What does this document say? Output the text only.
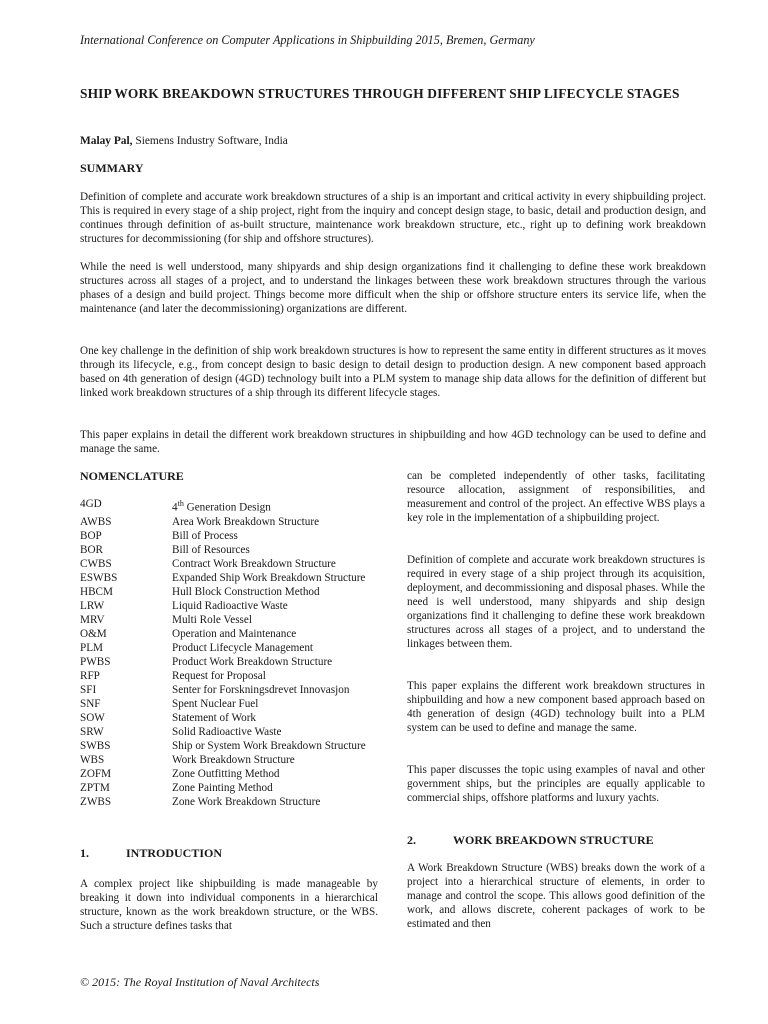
International Conference on Computer Applications in Shipbuilding 2015, Bremen, Germany
SHIP WORK BREAKDOWN STRUCTURES THROUGH DIFFERENT SHIP LIFECYCLE STAGES
Malay Pal, Siemens Industry Software, India
SUMMARY

Definition of complete and accurate work breakdown structures of a ship is an important and critical activity in every shipbuilding project. This is required in every stage of a ship project, right from the inquiry and concept design stage, to basic, detail and production design, and continues through definition of as-built structure, maintenance work breakdown structure, etc., right up to defining work breakdown structures for decommissioning (for ship and offshore structures).

While the need is well understood, many shipyards and ship design organizations find it challenging to define these work breakdown structures across all stages of a project, and to understand the linkages between these work breakdown structures through the various phases of a design and build project. Things become more difficult when the ship or offshore structure enters its service life, when the maintenance (and later the decommissioning) organizations are different.

One key challenge in the definition of ship work breakdown structures is how to represent the same entity in different structures as it moves through its lifecycle, e.g., from concept design to basic design to detail design to production design. A new component based approach based on 4th generation of design (4GD) technology built into a PLM system to manage ship data allows for the definition of different but linked work breakdown structures of a ship through its different lifecycle stages.

This paper explains in detail the different work breakdown structures in shipbuilding and how 4GD technology can be used to define and manage the same.

NOMENCLATURE
4GD	4th Generation Design
AWBS	Area Work Breakdown Structure
BOP	Bill of Process
BOR	Bill of Resources
CWBS	Contract Work Breakdown Structure
ESWBS	Expanded Ship Work Breakdown Structure
HBCM	Hull Block Construction Method
LRW	Liquid Radioactive Waste
MRV	Multi Role Vessel
O&M	Operation and Maintenance
PLM	Product Lifecycle Management
PWBS	Product Work Breakdown Structure
RFP	Request for Proposal
SFI	Senter for Forskningsdrevet Innovasjon
SNF	Spent Nuclear Fuel
SOW	Statement of Work
SRW	Solid Radioactive Waste
SWBS	Ship or System Work Breakdown Structure
WBS	Work Breakdown Structure
ZOFM	Zone Outfitting Method
ZPTM	Zone Painting Method
ZWBS	Zone Work Breakdown Structure
1.	INTRODUCTION

A complex project like shipbuilding is made manageable by breaking it down into individual components in a hierarchical structure, known as the work breakdown structure, or the WBS. Such a structure defines tasks that

can be completed independently of other tasks, facilitating resource allocation, assignment of responsibilities, and measurement and control of the project. An effective WBS plays a key role in the implementation of a shipbuilding project.

Definition of complete and accurate work breakdown structures is required in every stage of a ship project through its acquisition, deployment, and decommissioning and disposal phases. While the need is well understood, many shipyards and ship design organizations find it challenging to define these work breakdown structures across all stages of a project, and to understand the linkages between them.

This paper explains the different work breakdown structures in shipbuilding and how a new component based approach based on 4th generation of design (4GD) technology built into a PLM system can be used to define and manage the same.

This paper discusses the topic using examples of naval and other government ships, but the principles are equally applicable to commercial ships, offshore platforms and luxury yachts.

2.	WORK BREAKDOWN STRUCTURE

A Work Breakdown Structure (WBS) breaks down the work of a project into a hierarchical structure of elements, in order to manage and control the scope. This allows good definition of the work, and allows discrete, coherent packages of work to be estimated and then

© 2015: The Royal Institution of Naval Architects
